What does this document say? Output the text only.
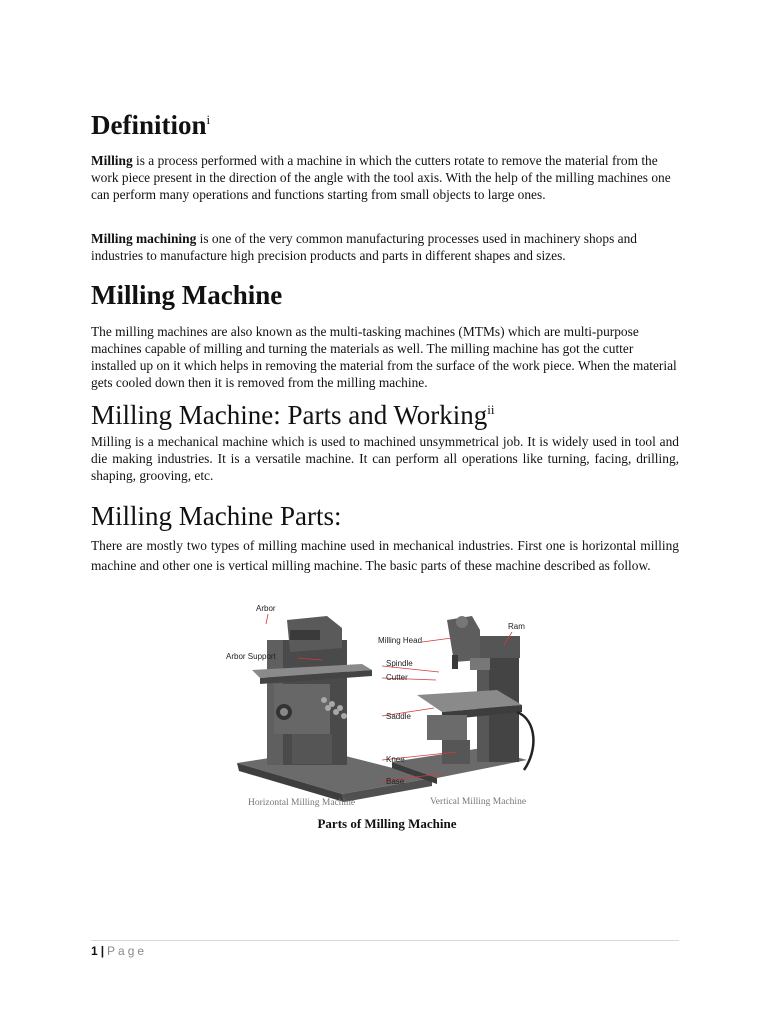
Definition$^i$

Milling is a process performed with a machine in which the cutters rotate to remove the material from the work piece present in the direction of the angle with the tool axis. With the help of the milling machines one can perform many operations and functions starting from small objects to large ones.

Milling machining is one of the very common manufacturing processes used in machinery shops and industries to manufacture high precision products and parts in different shapes and sizes.

Milling Machine

The milling machines are also known as the multi-tasking machines (MTMs) which are multi-purpose machines capable of milling and turning the materials as well. The milling machine has got the cutter installed up on it which helps in removing the material from the surface of the work piece. When the material gets cooled down then it is removed from the milling machine.

Milling Machine: Parts and Working$^{ii}$

Milling is a mechanical machine which is used to machined unsymmetrical job. It is widely used in tool and die making industries. It is a versatile machine. It can perform all operations like turning, facing, drilling, shaping, grooving, etc.

Milling Machine Parts:

There are mostly two types of milling machine used in mechanical industries. First one is horizontal milling machine and other one is vertical milling machine. The basic parts of these machine described as follow.

Arbor
Arbor Support
Milling Head
Ram
Spindle
Cutter
Saddle
Knee
Base
Horizontal Milling Machine	Vertical Milling Machine
Parts of Milling Machine
1 | Page
